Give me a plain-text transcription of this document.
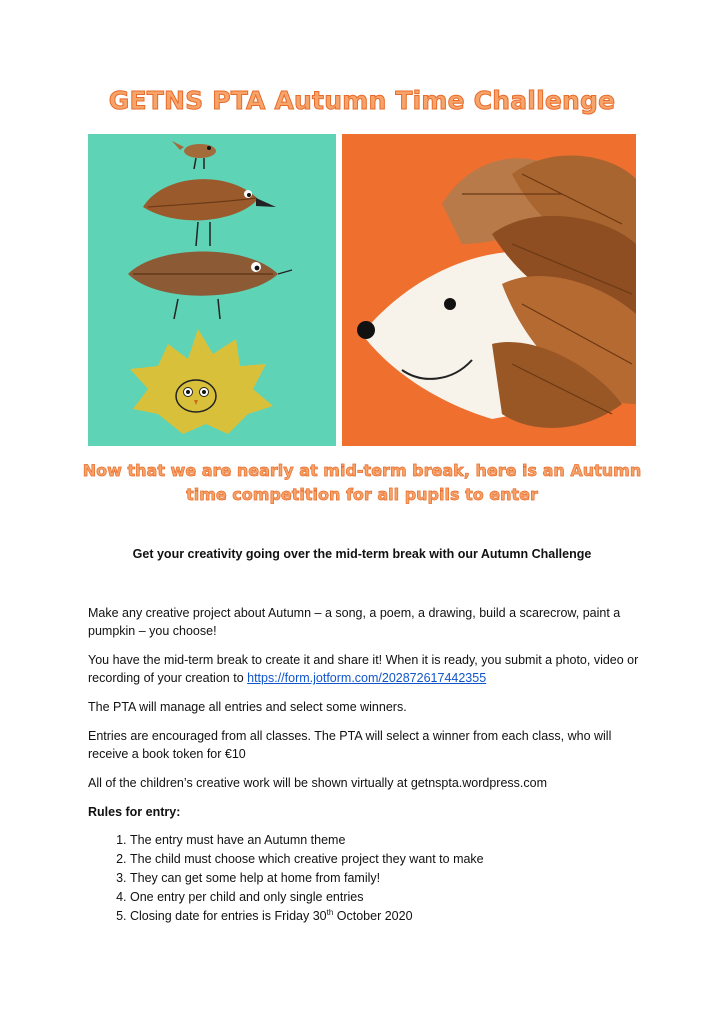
GETNS PTA Autumn Time Challenge
Now that we are nearly at mid-term break, here is an Autumn time competition for all pupils to enter
Get your creativity going over the mid-term break with our Autumn Challenge

Make any creative project about Autumn – a song, a poem, a drawing, build a scarecrow, paint a pumpkin – you choose!

You have the mid-term break to create it and share it! When it is ready, you submit a photo, video or recording of your creation to https://form.jotform.com/202872617442355

The PTA will manage all entries and select some winners.

Entries are encouraged from all classes. The PTA will select a winner from each class, who will receive a book token for €10

All of the children’s creative work will be shown virtually at getnspta.wordpress.com

Rules for entry:
1. The entry must have an Autumn theme
2. The child must choose which creative project they want to make
3. They can get some help at home from family!
4. One entry per child and only single entries
5. Closing date for entries is Friday 30th October 2020
